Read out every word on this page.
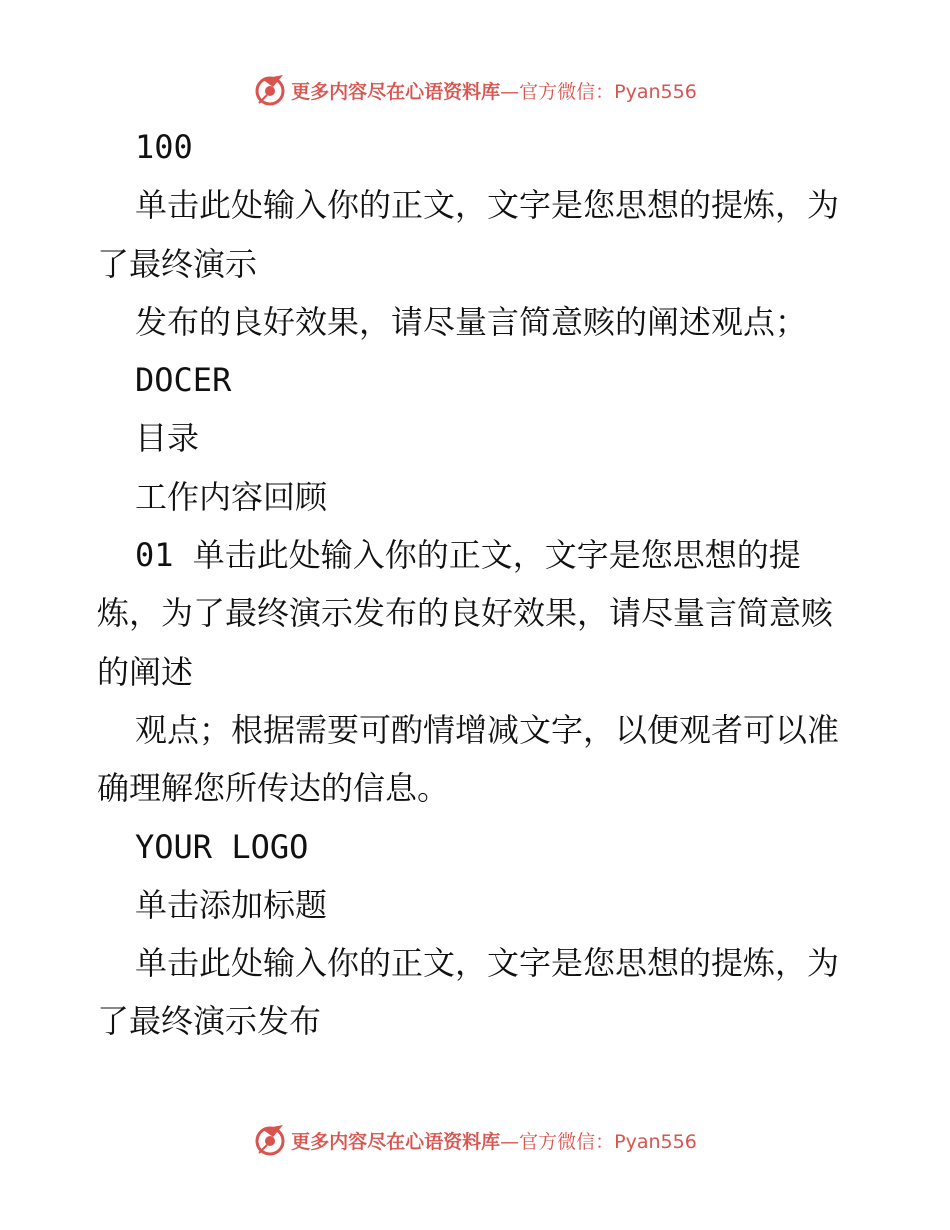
更多内容尽在心语资料库—官方微信：Pyan556

100

单击此处输入你的正文，文字是您思想的提炼，为了最终演示

发布的良好效果，请尽量言简意赅的阐述观点；

DOCER

目录

工作内容回顾

01 单击此处输入你的正文，文字是您思想的提炼，为了最终演示发布的良好效果，请尽量言简意赅的阐述

观点；根据需要可酌情增减文字，以便观者可以准确理解您所传达的信息。

YOUR LOGO

单击添加标题

单击此处输入你的正文，文字是您思想的提炼，为了最终演示发布

更多内容尽在心语资料库—官方微信：Pyan556
